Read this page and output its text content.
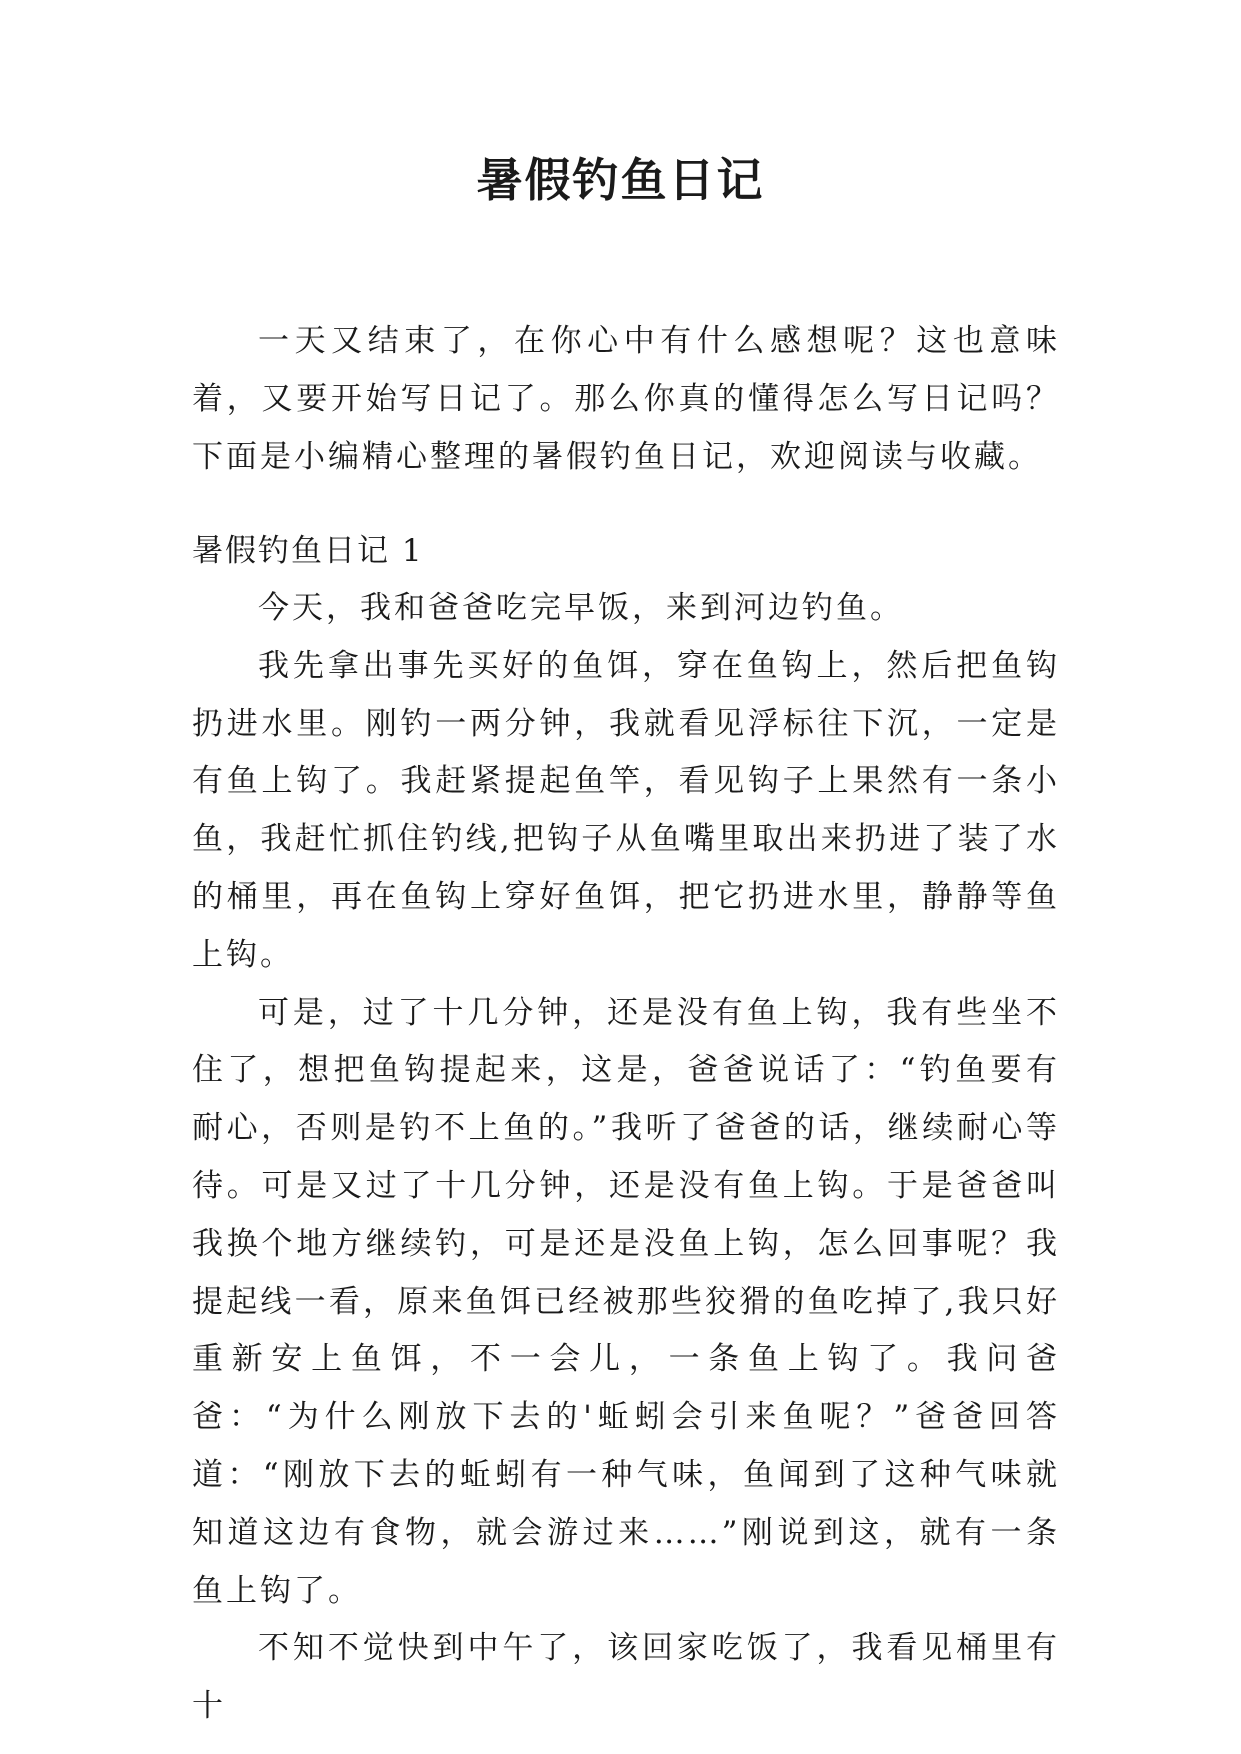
暑假钓鱼日记

一天又结束了，在你心中有什么感想呢？这也意味着，又要开始写日记了。那么你真的懂得怎么写日记吗？下面是小编精心整理的暑假钓鱼日记，欢迎阅读与收藏。

暑假钓鱼日记 1

今天，我和爸爸吃完早饭，来到河边钓鱼。

我先拿出事先买好的鱼饵，穿在鱼钩上，然后把鱼钩扔进水里。刚钓一两分钟，我就看见浮标往下沉，一定是有鱼上钩了。我赶紧提起鱼竿，看见钩子上果然有一条小鱼，我赶忙抓住钓线,把钩子从鱼嘴里取出来扔进了装了水的桶里，再在鱼钩上穿好鱼饵，把它扔进水里，静静等鱼上钩。

可是，过了十几分钟，还是没有鱼上钩，我有些坐不住了，想把鱼钩提起来，这是，爸爸说话了：“钓鱼要有耐心，否则是钓不上鱼的。”我听了爸爸的话，继续耐心等待。可是又过了十几分钟，还是没有鱼上钩。于是爸爸叫我换个地方继续钓，可是还是没鱼上钩，怎么回事呢？我提起线一看，原来鱼饵已经被那些狡猾的鱼吃掉了,我只好重新安上鱼饵，不一会儿，一条鱼上钩了。我问爸爸：“为什么刚放下去的'蚯蚓会引来鱼呢？”爸爸回答道：“刚放下去的蚯蚓有一种气味，鱼闻到了这种气味就知道这边有食物，就会游过来……”刚说到这，就有一条鱼上钩了。

不知不觉快到中午了，该回家吃饭了，我看见桶里有十
